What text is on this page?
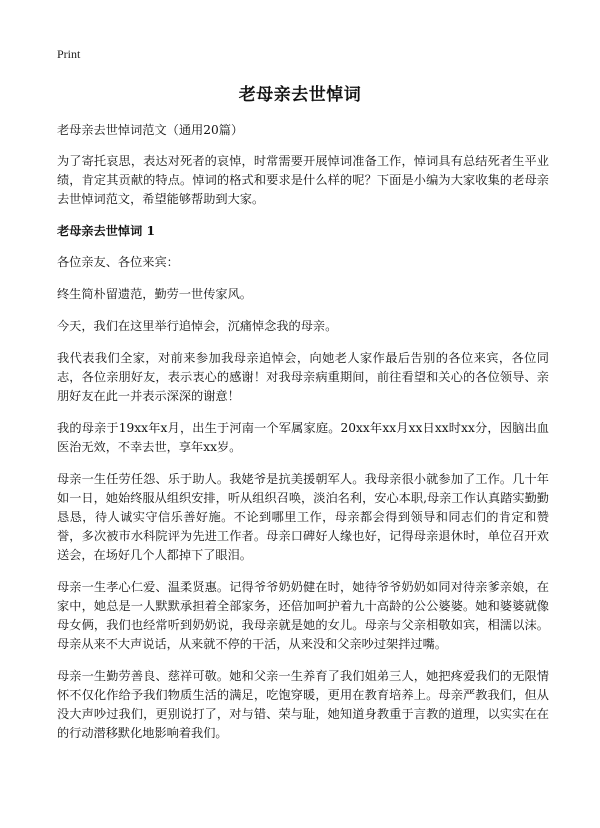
Print
老母亲去世悼词

老母亲去世悼词范文（通用20篇）

为了寄托哀思，表达对死者的哀悼，时常需要开展悼词准备工作，悼词具有总结死者生平业绩，肯定其贡献的特点。悼词的格式和要求是什么样的呢？下面是小编为大家收集的老母亲去世悼词范文，希望能够帮助到大家。

老母亲去世悼词 1

各位亲友、各位来宾：

终生简朴留遗范，勤劳一世传家风。

今天，我们在这里举行追悼会，沉痛悼念我的母亲。

我代表我们全家，对前来参加我母亲追悼会，向她老人家作最后告别的各位来宾，各位同志，各位亲朋好友，表示衷心的感谢！对我母亲病重期间，前往看望和关心的各位领导、亲朋好友在此一并表示深深的谢意！

我的母亲于19xx年x月，出生于河南一个军属家庭。20xx年xx月xx日xx时xx分，因脑出血医治无效，不幸去世，享年xx岁。

母亲一生任劳任怨、乐于助人。我姥爷是抗美援朝军人。我母亲很小就参加了工作。几十年如一日，她始终服从组织安排，听从组织召唤，淡泊名利，安心本职,母亲工作认真踏实勤勤恳恳，待人诚实守信乐善好施。不论到哪里工作，母亲都会得到领导和同志们的肯定和赞誉，多次被市水科院评为先进工作者。母亲口碑好人缘也好，记得母亲退休时，单位召开欢送会，在场好几个人都掉下了眼泪。

母亲一生孝心仁爱、温柔贤惠。记得爷爷奶奶健在时，她待爷爷奶奶如同对待亲爹亲娘，在家中，她总是一人默默承担着全部家务，还倍加呵护着九十高龄的公公婆婆。她和婆婆就像母女俩，我们也经常听到奶奶说，我母亲就是她的女儿。母亲与父亲相敬如宾，相濡以沫。母亲从来不大声说话，从来就不停的干活，从来没和父亲吵过架拌过嘴。

母亲一生勤劳善良、慈祥可敬。她和父亲一生养育了我们姐弟三人，她把疼爱我们的无限情怀不仅化作给予我们物质生活的满足，吃饱穿暖，更用在教育培养上。母亲严教我们，但从没大声吵过我们，更别说打了，对与错、荣与耻，她知道身教重于言教的道理，以实实在在的行动潜移默化地影响着我们。
